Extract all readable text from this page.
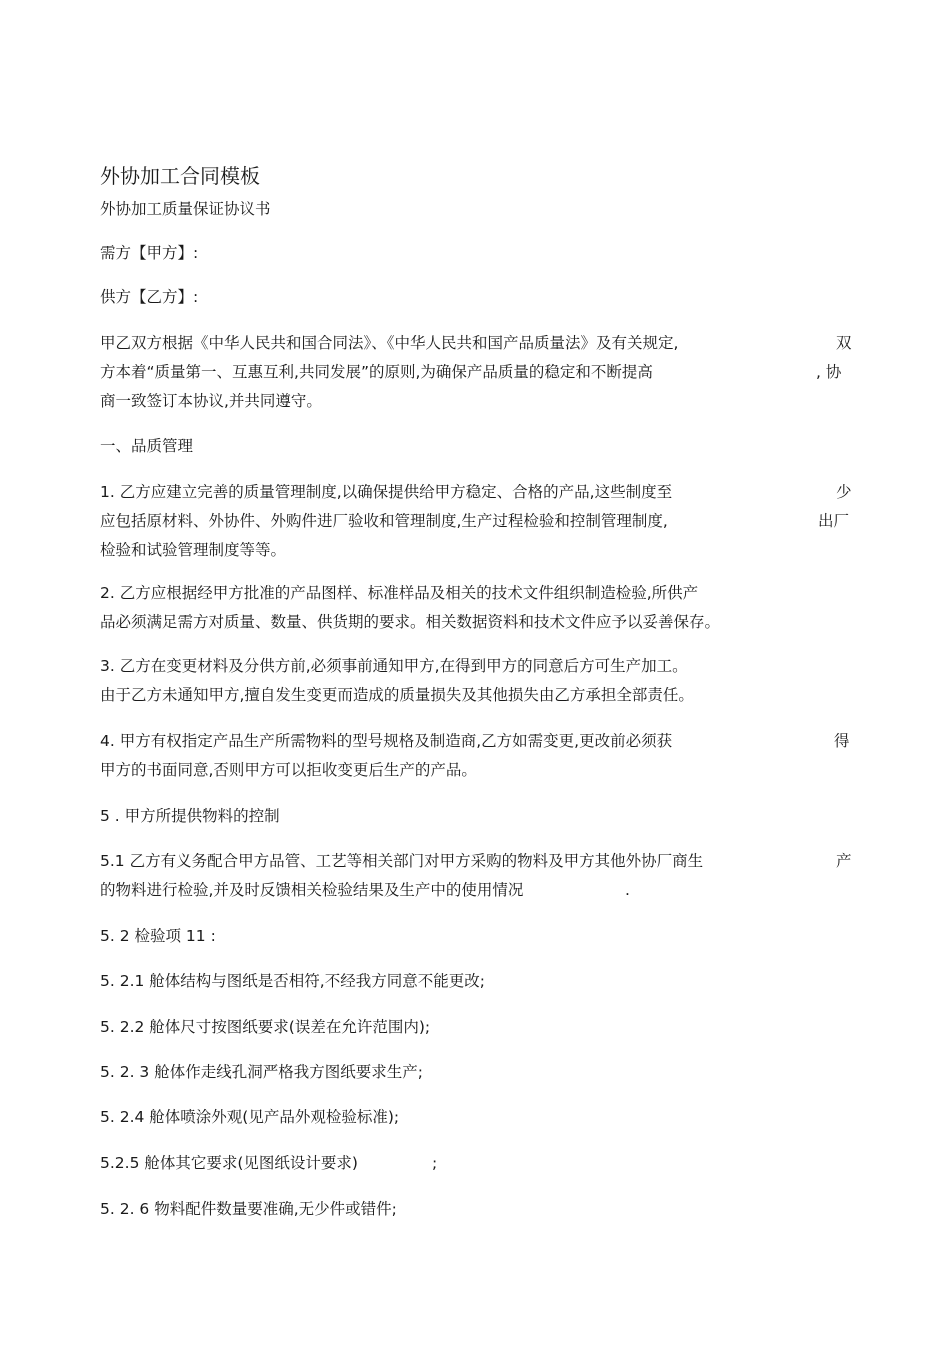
外协加工合同模板
外协加工质量保证协议书
需方【甲方】:
供方【乙方】:
甲乙双方根据《中华人民共和国合同法》、《中华人民共和国产品质量法》及有关规定,	双
方本着“质量第一、互惠互利,共同发展”的原则,为确保产品质量的稳定和不断提高	, 协
商一致签订本协议,并共同遵守。
一、品质管理
1. 乙方应建立完善的质量管理制度,以确保提供给甲方稳定、合格的产品,这些制度至	少
应包括原材料、外协件、外购件进厂验收和管理制度,生产过程检验和控制管理制度,	出厂
检验和试验管理制度等等。
2. 乙方应根据经甲方批准的产品图样、标准样品及相关的技术文件组织制造检验,所供产
品必须满足需方对质量、数量、供货期的要求。相关数据资料和技术文件应予以妥善保存。
3. 乙方在变更材料及分供方前,必须事前通知甲方,在得到甲方的同意后方可生产加工。
由于乙方未通知甲方,擅自发生变更而造成的质量损失及其他损失由乙方承担全部责任。
4. 甲方有权指定产品生产所需物料的型号规格及制造商,乙方如需变更,更改前必须获	得
甲方的书面同意,否则甲方可以拒收变更后生产的产品。
5 . 甲方所提供物料的控制
5.1 乙方有义务配合甲方品管、工艺等相关部门对甲方采购的物料及甲方其他外协厂商生	产
的物料进行检验,并及时反馈相关检验结果及生产中的使用情况	.
5. 2 检验项 11 :
5. 2.1 舱体结构与图纸是否相符,不经我方同意不能更改;
5. 2.2 舱体尺寸按图纸要求(误差在允许范围内);
5. 2. 3 舱体作走线孔洞严格我方图纸要求生产;
5. 2.4 舱体喷涂外观(见产品外观检验标准);
5.2.5 舱体其它要求(见图纸设计要求)	;
5. 2. 6 物料配件数量要准确,无少件或错件;
